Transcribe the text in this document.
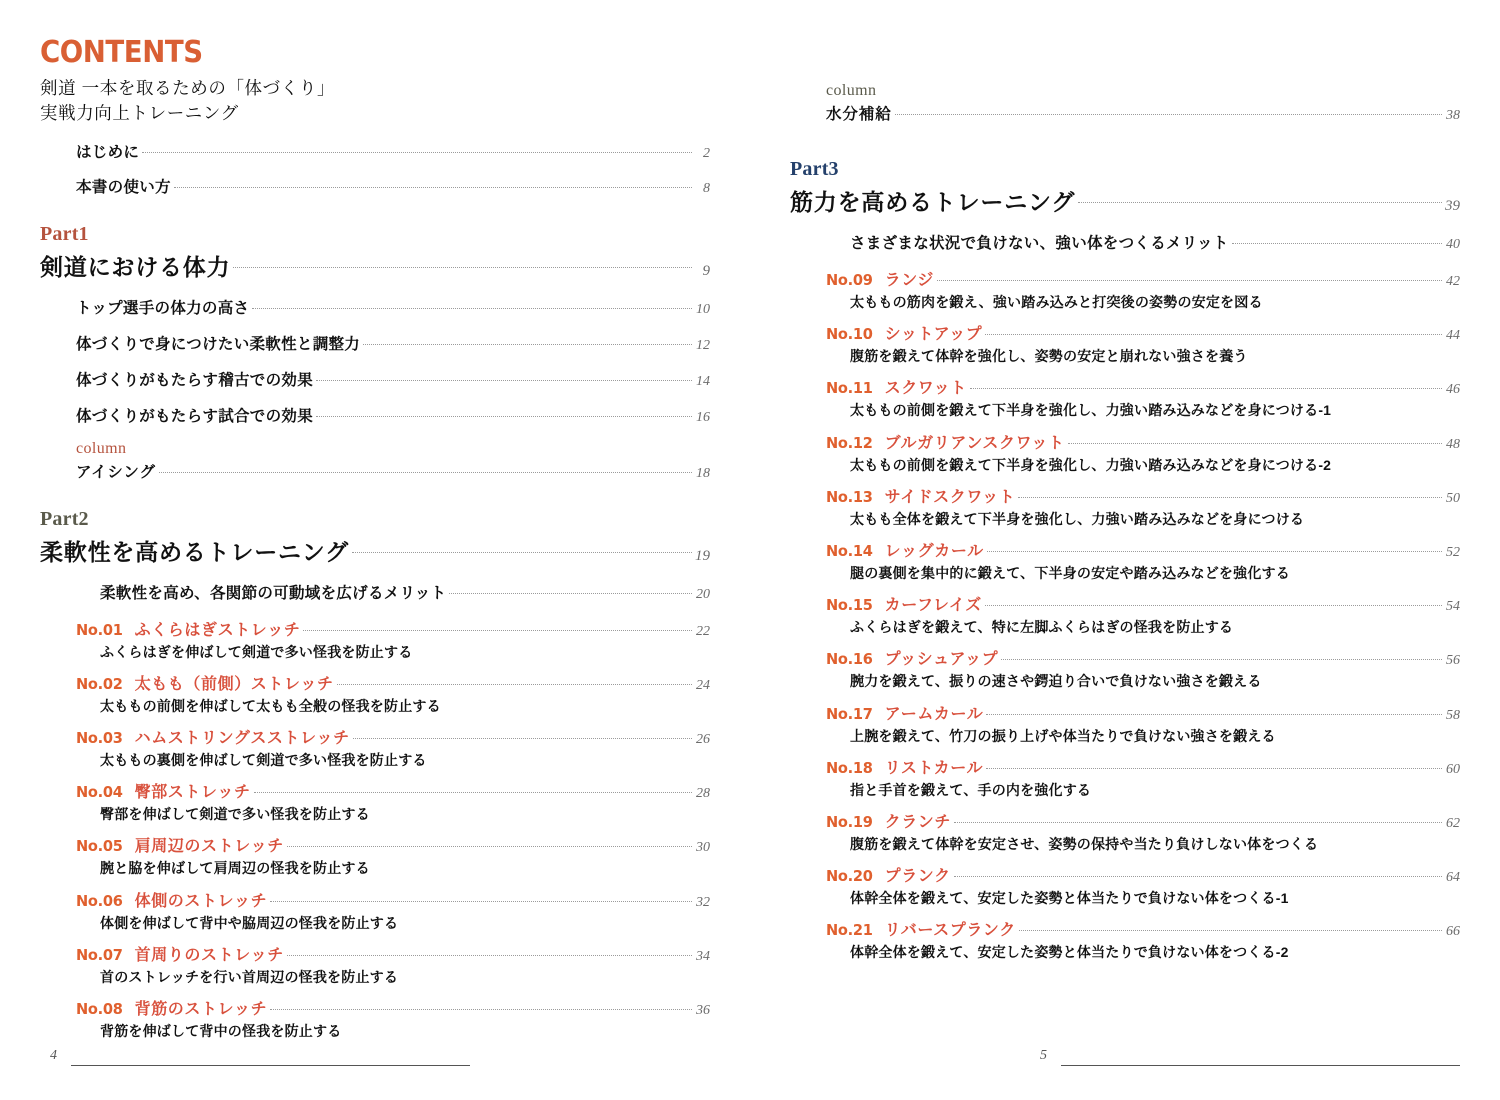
CONTENTS
剣道 一本を取るための「体づくり」
実戦力向上トレーニング
はじめに	2
本書の使い方	8
Part1
剣道における体力	9
トップ選手の体力の高さ	10
体づくりで身につけたい柔軟性と調整力	12
体づくりがもたらす稽古での効果	14
体づくりがもたらす試合での効果	16
column
アイシング	18
Part2
柔軟性を高めるトレーニング	19
柔軟性を高め、各関節の可動域を広げるメリット	20
No.01 ふくらはぎストレッチ	22
ふくらはぎを伸ばして剣道で多い怪我を防止する
No.02 太もも（前側）ストレッチ	24
太ももの前側を伸ばして太もも全般の怪我を防止する
No.03 ハムストリングスストレッチ	26
太ももの裏側を伸ばして剣道で多い怪我を防止する
No.04 臀部ストレッチ	28
臀部を伸ばして剣道で多い怪我を防止する
No.05 肩周辺のストレッチ	30
腕と脇を伸ばして肩周辺の怪我を防止する
No.06 体側のストレッチ	32
体側を伸ばして背中や脇周辺の怪我を防止する
No.07 首周りのストレッチ	34
首のストレッチを行い首周辺の怪我を防止する
No.08 背筋のストレッチ	36
背筋を伸ばして背中の怪我を防止する
4
column
水分補給	38
Part3
筋力を高めるトレーニング	39
さまざまな状況で負けない、強い体をつくるメリット	40
No.09 ランジ	42
太ももの筋肉を鍛え、強い踏み込みと打突後の姿勢の安定を図る
No.10 シットアップ	44
腹筋を鍛えて体幹を強化し、姿勢の安定と崩れない強さを養う
No.11 スクワット	46
太ももの前側を鍛えて下半身を強化し、力強い踏み込みなどを身につける-1
No.12 ブルガリアンスクワット	48
太ももの前側を鍛えて下半身を強化し、力強い踏み込みなどを身につける-2
No.13 サイドスクワット	50
太もも全体を鍛えて下半身を強化し、力強い踏み込みなどを身につける
No.14 レッグカール	52
腿の裏側を集中的に鍛えて、下半身の安定や踏み込みなどを強化する
No.15 カーフレイズ	54
ふくらはぎを鍛えて、特に左脚ふくらはぎの怪我を防止する
No.16 プッシュアップ	56
腕力を鍛えて、振りの速さや鍔迫り合いで負けない強さを鍛える
No.17 アームカール	58
上腕を鍛えて、竹刀の振り上げや体当たりで負けない強さを鍛える
No.18 リストカール	60
指と手首を鍛えて、手の内を強化する
No.19 クランチ	62
腹筋を鍛えて体幹を安定させ、姿勢の保持や当たり負けしない体をつくる
No.20 プランク	64
体幹全体を鍛えて、安定した姿勢と体当たりで負けない体をつくる-1
No.21 リバースプランク	66
体幹全体を鍛えて、安定した姿勢と体当たりで負けない体をつくる-2
5
